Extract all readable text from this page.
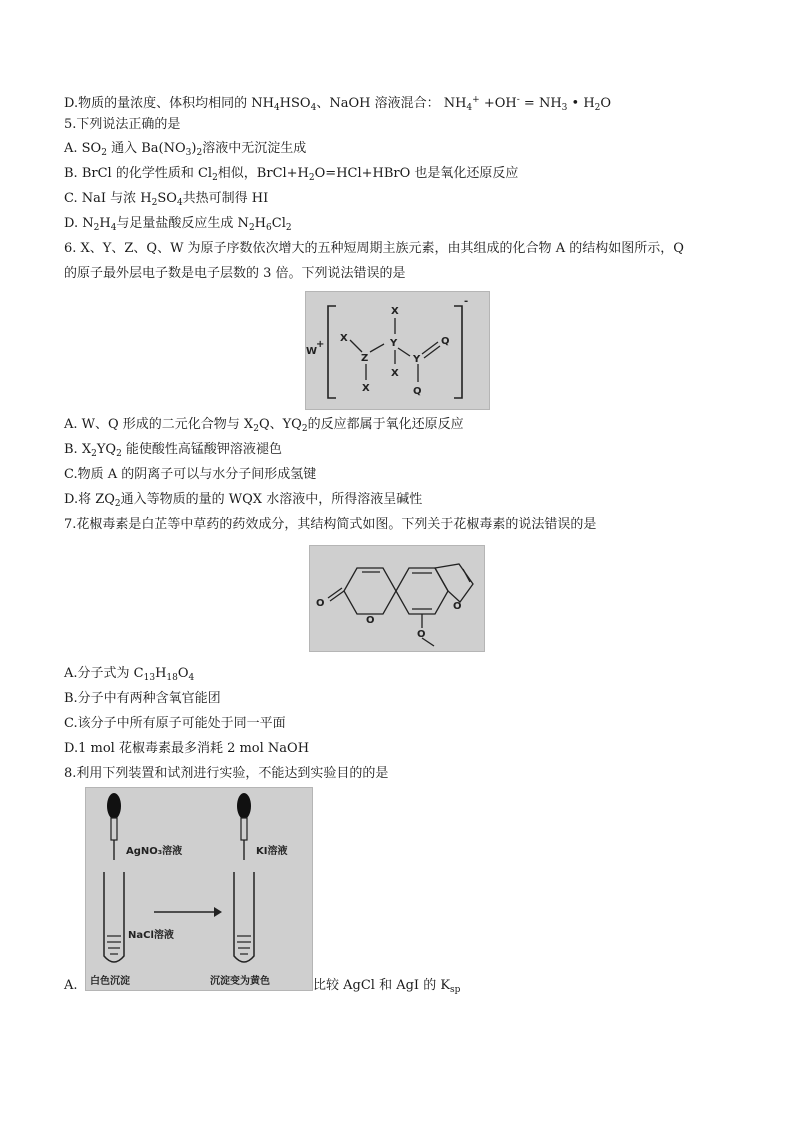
D.物质的量浓度、体积均相同的 $NH_4HSO_4$、NaOH 溶液混合： $NH_4^+ +OH^- = NH_3$ • $H_2O$
5.下列说法正确的是
A. $SO_2$ 通入 $Ba(NO_3)_2$溶液中无沉淀生成
B. BrCl 的化学性质和 $Cl_2$相似，$BrCl+H_2O=HCl+HBrO$ 也是氧化还原反应
C. NaI 与浓 $H_2SO_4$共热可制得 HI
D. $N_2H_4$与足量盐酸反应生成 $N_2H_6Cl_2$
6. X、Y、Z、Q、W 为原子序数依次增大的五种短周期主族元素，由其组成的化合物 A 的结构如图所示，Q
的原子最外层电子数是电子层数的 3 倍。下列说法错误的是
W
+
X
X
Z
Y
X
X
Y
Q
Q
-
A. W、Q 形成的二元化合物与 $X_2Q$、$YQ_2$的反应都属于氧化还原反应
B. $X_2YQ_2$ 能使酸性高锰酸钾溶液褪色
C.物质 A 的阴离子可以与水分子间形成氢键
D.将 $ZQ_2$通入等物质的量的 WQX 水溶液中，所得溶液呈碱性
7.花椒毒素是白芷等中草药的药效成分，其结构简式如图。下列关于花椒毒素的说法错误的是
O
O
O
O
A.分子式为 $C_{13}H_{18}O_4$
B.分子中有两种含氧官能团
C.该分子中所有原子可能处于同一平面
D.1 mol 花椒毒素最多消耗 2 mol NaOH
8.利用下列装置和试剂进行实验，不能达到实验目的的是
AgNO₃溶液
NaCl溶液
白色沉淀
KI溶液
沉淀变为黄色
A.	比较 AgCl 和 AgI 的 $K_{sp}$
